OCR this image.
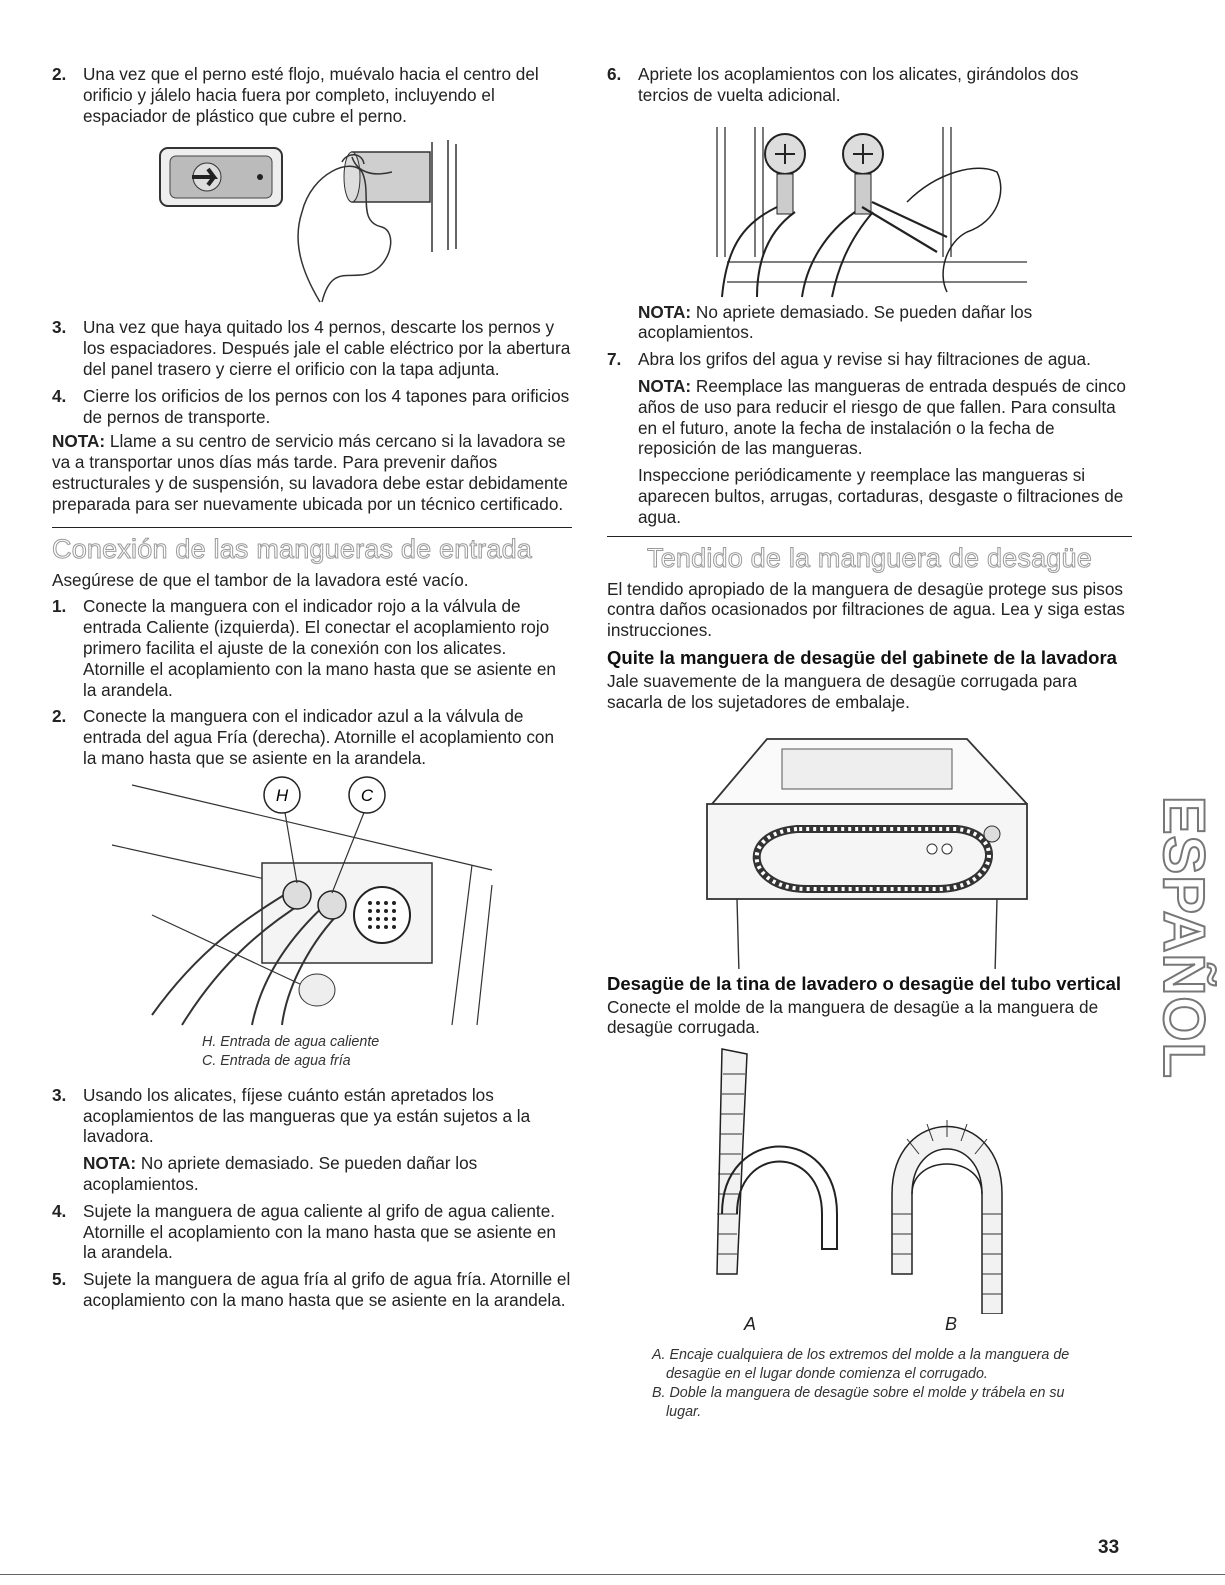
2. Una vez que el perno esté flojo, muévalo hacia el centro del orificio y jálelo hacia fuera por completo, incluyendo el espaciador de plástico que cubre el perno.

3. Una vez que haya quitado los 4 pernos, descarte los pernos y los espaciadores. Después jale el cable eléctrico por la abertura del panel trasero y cierre el orificio con la tapa adjunta.

4. Cierre los orificios de los pernos con los 4 tapones para orificios de pernos de transporte.

NOTA: Llame a su centro de servicio más cercano si la lavadora se va a transportar unos días más tarde. Para prevenir daños estructurales y de suspensión, su lavadora debe estar debidamente preparada para ser nuevamente ubicada por un técnico certificado.

Conexión de las mangueras de entrada

Asegúrese de que el tambor de la lavadora esté vacío.

1. Conecte la manguera con el indicador rojo a la válvula de entrada Caliente (izquierda). El conectar el acoplamiento rojo primero facilita el ajuste de la conexión con los alicates. Atornille el acoplamiento con la mano hasta que se asiente en la arandela.

2. Conecte la manguera con el indicador azul a la válvula de entrada del agua Fría (derecha). Atornille el acoplamiento con la mano hasta que se asiente en la arandela.

H	C
H. Entrada de agua caliente
C. Entrada de agua fría
3. Usando los alicates, fíjese cuánto están apretados los acoplamientos de las mangueras que ya están sujetos a la lavadora.

NOTA: No apriete demasiado. Se pueden dañar los acoplamientos.

4. Sujete la manguera de agua caliente al grifo de agua caliente. Atornille el acoplamiento con la mano hasta que se asiente en la arandela.

5. Sujete la manguera de agua fría al grifo de agua fría. Atornille el acoplamiento con la mano hasta que se asiente en la arandela.

6. Apriete los acoplamientos con los alicates, girándolos dos tercios de vuelta adicional.

NOTA: No apriete demasiado. Se pueden dañar los acoplamientos.

7. Abra los grifos del agua y revise si hay filtraciones de agua.

NOTA: Reemplace las mangueras de entrada después de cinco años de uso para reducir el riesgo de que fallen. Para consulta en el futuro, anote la fecha de instalación o la fecha de reposición de las mangueras.

Inspeccione periódicamente y reemplace las mangueras si aparecen bultos, arrugas, cortaduras, desgaste o filtraciones de agua.

Tendido de la manguera de desagüe

El tendido apropiado de la manguera de desagüe protege sus pisos contra daños ocasionados por filtraciones de agua. Lea y siga estas instrucciones.

Quite la manguera de desagüe del gabinete de la lavadora

Jale suavemente de la manguera de desagüe corrugada para sacarla de los sujetadores de embalaje.

Desagüe de la tina de lavadero o desagüe del tubo vertical

Conecte el molde de la manguera de desagüe a la manguera de desagüe corrugada.

A	B
A. Encaje cualquiera de los extremos del molde a la manguera de desagüe en el lugar donde comienza el corrugado.
B. Doble la manguera de desagüe sobre el molde y trábela en su lugar.
ESPAÑOL
33
